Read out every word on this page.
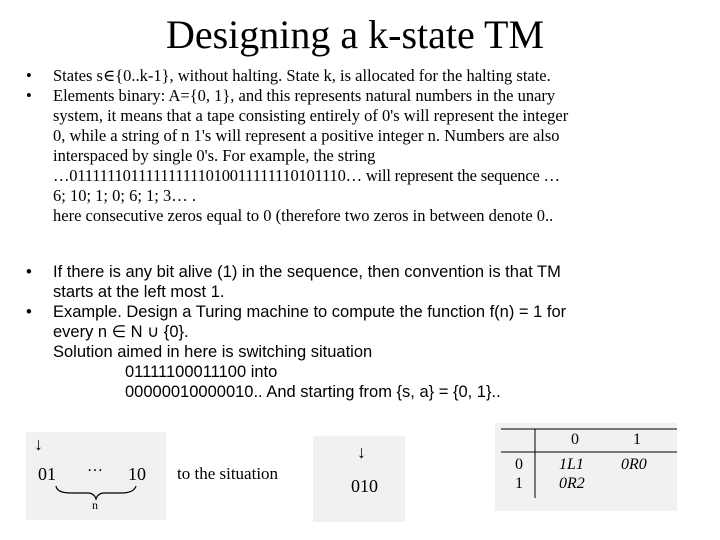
Designing a k-state TM
• States s∈{0..k-1}, without halting. State k, is allocated for the halting state.
• Elements binary: A={0, 1}, and this represents natural numbers in the unary
system, it means that a tape consisting entirely of 0's will represent the integer
0, while a string of n 1's will represent a positive integer n. Numbers are also
interspaced by single 0's. For example, the string
…011111101111111111010011111110101110… will represent the sequence …
6; 10; 1; 0; 6; 1; 3… .
here consecutive zeros equal to 0 (therefore two zeros in between denote 0..
• If there is any bit alive (1) in the sequence, then convention is that TM
starts at the left most 1.
• Example. Design a Turing machine to compute the function f(n) = 1 for
every n ∈ N ∪ {0}.
Solution aimed in here is switching situation
01111100011100 into
00000010000010.. And starting from {s, a} = {0, 1}..
↓
01 … 10
n
to the situation
↓
010
0	1
0
1
1L1 0R0
0R2
